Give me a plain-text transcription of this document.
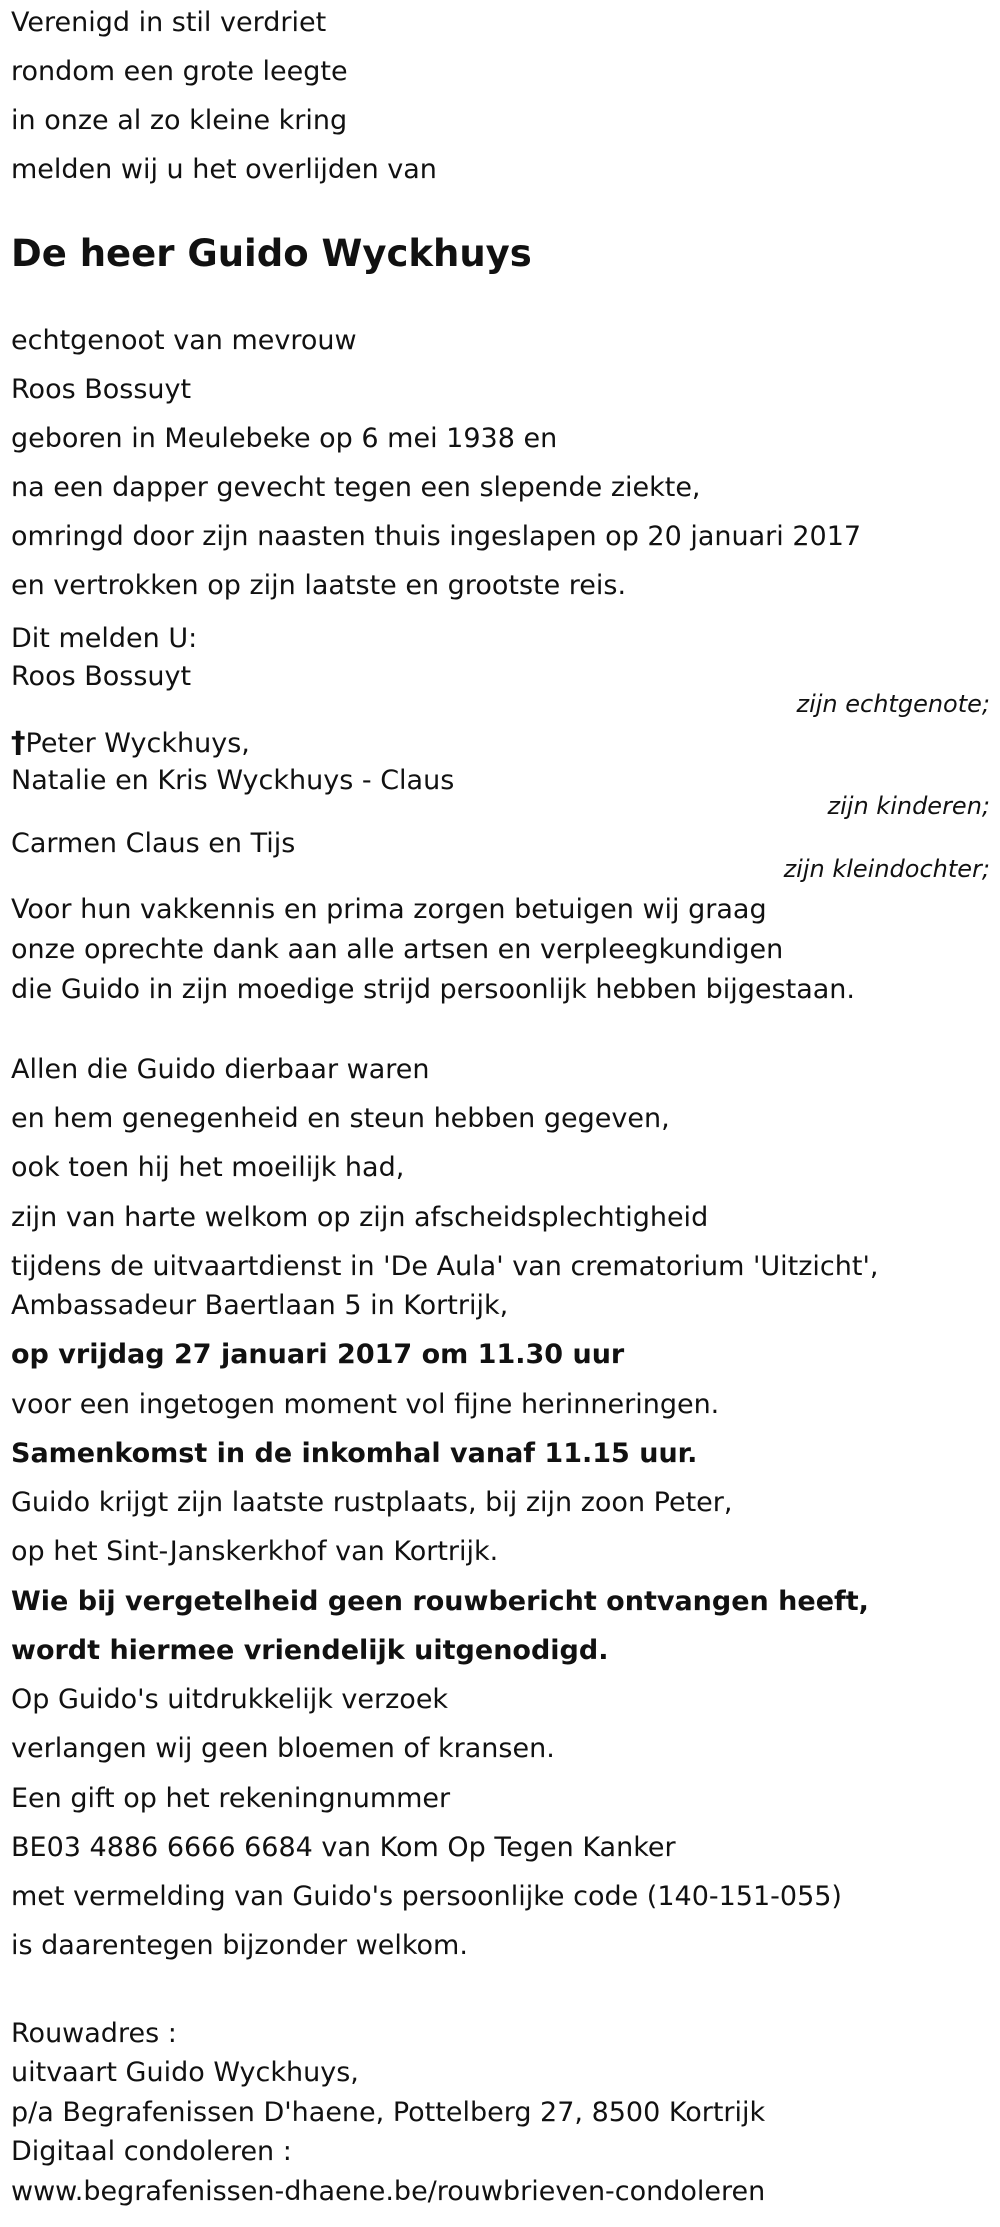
Verenigd in stil verdriet
rondom een grote leegte
in onze al zo kleine kring
melden wij u het overlijden van
De heer Guido Wyckhuys
echtgenoot van mevrouw
Roos Bossuyt
geboren in Meulebeke op 6 mei 1938 en
na een dapper gevecht tegen een slepende ziekte,
omringd door zijn naasten thuis ingeslapen op 20 januari 2017
en vertrokken op zijn laatste en grootste reis.
Dit melden U:
Roos Bossuyt
zijn echtgenote;
†Peter Wyckhuys,
Natalie en Kris Wyckhuys - Claus
zijn kinderen;
Carmen Claus en Tijs
zijn kleindochter;
Voor hun vakkennis en prima zorgen betuigen wij graag
onze oprechte dank aan alle artsen en verpleegkundigen
die Guido in zijn moedige strijd persoonlijk hebben bijgestaan.
Allen die Guido dierbaar waren
en hem genegenheid en steun hebben gegeven,
ook toen hij het moeilijk had,
zijn van harte welkom op zijn afscheidsplechtigheid
tijdens de uitvaartdienst in 'De Aula' van crematorium 'Uitzicht',
Ambassadeur Baertlaan 5 in Kortrijk,
op vrijdag 27 januari 2017 om 11.30 uur
voor een ingetogen moment vol fijne herinneringen.
Samenkomst in de inkomhal vanaf 11.15 uur.
Guido krijgt zijn laatste rustplaats, bij zijn zoon Peter,
op het Sint-Janskerkhof van Kortrijk.
Wie bij vergetelheid geen rouwbericht ontvangen heeft,
wordt hiermee vriendelijk uitgenodigd.
Op Guido's uitdrukkelijk verzoek
verlangen wij geen bloemen of kransen.
Een gift op het rekeningnummer
BE03 4886 6666 6684 van Kom Op Tegen Kanker
met vermelding van Guido's persoonlijke code (140-151-055)
is daarentegen bijzonder welkom.
Rouwadres :
uitvaart Guido Wyckhuys,
p/a Begrafenissen D'haene, Pottelberg 27, 8500 Kortrijk
Digitaal condoleren :
www.begrafenissen-dhaene.be/rouwbrieven-condoleren
